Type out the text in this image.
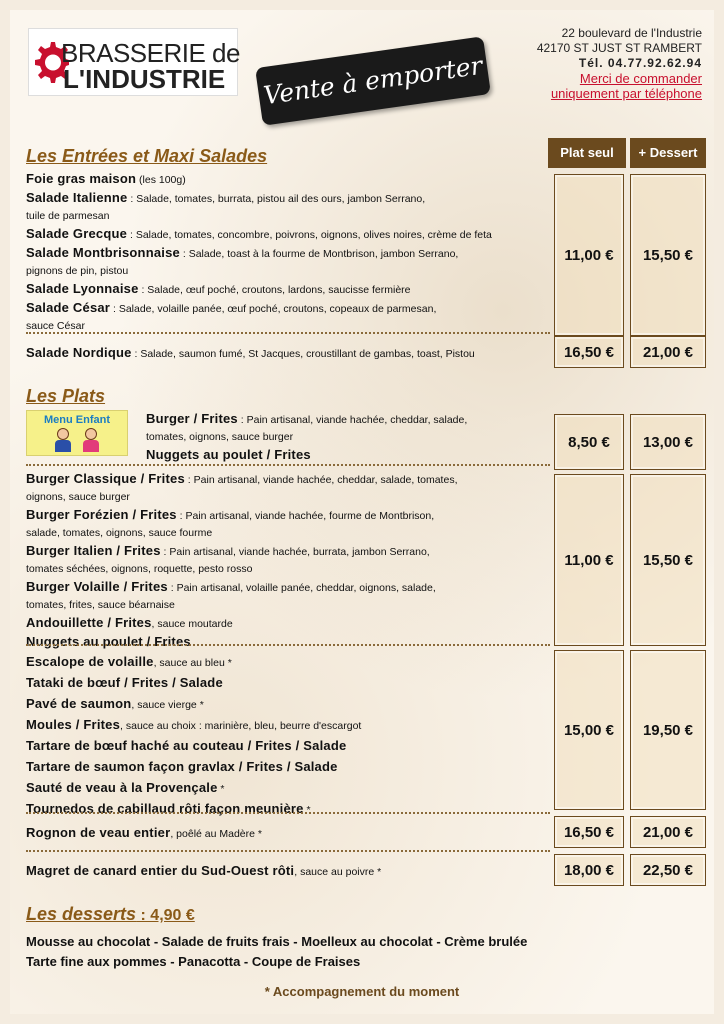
BRASSERIE de
L'INDUSTRIE Vente à emporter
22 boulevard de l'Industrie
42170 ST JUST ST RAMBERT
Tél. 04.77.92.62.94
Merci de commander
uniquement par téléphone
Plat seul	+ Dessert
Les Entrées et Maxi Salades
Foie gras maison (les 100g)
Salade Italienne : Salade, tomates, burrata, pistou ail des ours, jambon Serrano,
tuile de parmesan
Salade Grecque : Salade, tomates, concombre, poivrons, oignons, olives noires, crème de feta
Salade Montbrisonnaise : Salade, toast à la fourme de Montbrison, jambon Serrano,
pignons de pin, pistou
Salade Lyonnaise : Salade, œuf poché, croutons, lardons, saucisse fermière
Salade César : Salade, volaille panée, œuf poché, croutons, copeaux de parmesan,
sauce César
11,00 €	15,50 €
Salade Nordique : Salade, saumon fumé, St Jacques, croustillant de gambas, toast, Pistou	16,50 €	21,00 €
Les Plats
Menu Enfant	Burger / Frites : Pain artisanal, viande hachée, cheddar, salade,
tomates, oignons, sauce burger
Nuggets au poulet / Frites
8,50 €	13,00 €
Burger Classique / Frites : Pain artisanal, viande hachée, cheddar, salade, tomates,
oignons, sauce burger
Burger Forézien / Frites : Pain artisanal, viande hachée, fourme de Montbrison,
salade, tomates, oignons, sauce fourme
Burger Italien / Frites : Pain artisanal, viande hachée, burrata, jambon Serrano,
tomates séchées, oignons, roquette, pesto rosso
Burger Volaille / Frites : Pain artisanal, volaille panée, cheddar, oignons, salade,
tomates, frites, sauce béarnaise
Andouillette / Frites, sauce moutarde
Nuggets au poulet / Frites
11,00 €	15,50 €
Escalope de volaille, sauce au bleu *
Tataki de bœuf / Frites / Salade
Pavé de saumon, sauce vierge *
Moules / Frites, sauce au choix : marinière, bleu, beurre d'escargot
Tartare de bœuf haché au couteau / Frites / Salade
Tartare de saumon façon gravlax / Frites / Salade
Sauté de veau à la Provençale *
Tournedos de cabillaud rôti façon meunière *
15,00 €	19,50 €
Rognon de veau entier, poêlé au Madère *	16,50 €	21,00 €
Magret de canard entier du Sud-Ouest rôti, sauce au poivre *	18,00 €	22,50 €
Les desserts : 4,90 €
Mousse au chocolat - Salade de fruits frais - Moelleux au chocolat - Crème brulée
Tarte fine aux pommes - Panacotta - Coupe de Fraises
* Accompagnement du moment
